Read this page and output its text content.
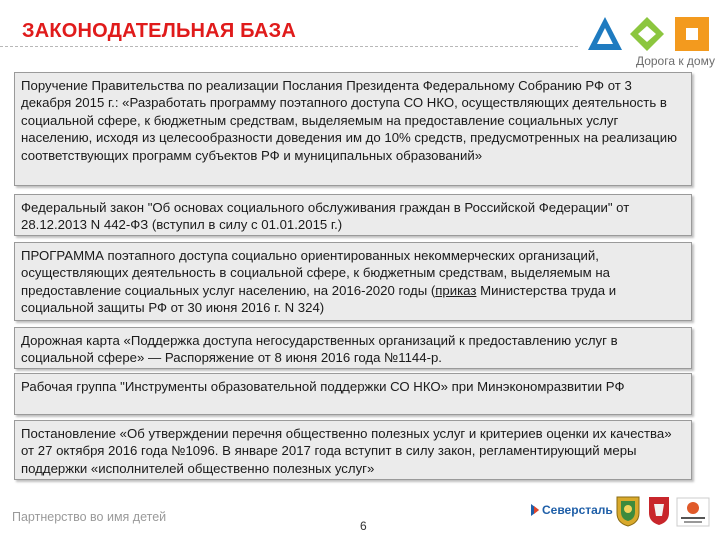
ЗАКОНОДАТЕЛЬНАЯ БАЗА
Дорога к дому
Поручение Правительства по реализации Послания Президента Федеральному Собранию РФ от 3 декабря 2015 г.: «Разработать программу поэтапного доступа СО НКО, осуществляющих деятельность в социальной сфере, к бюджетным средствам, выделяемым на предоставление социальных услуг населению, исходя из целесообразности доведения им до 10% средств, предусмотренных на реализацию соответствующих программ субъектов РФ и муниципальных образований»
Федеральный закон "Об основах социального обслуживания граждан в Российской Федерации" от 28.12.2013 N 442-ФЗ (вступил в силу с 01.01.2015 г.)
ПРОГРАММА поэтапного доступа социально ориентированных некоммерческих организаций, осуществляющих деятельность в социальной сфере, к бюджетным средствам, выделяемым на предоставление социальных услуг населению, на 2016-2020 годы (приказ Министерства труда и социальной защиты РФ от 30 июня 2016 г. N 324)
Дорожная карта «Поддержка доступа негосударственных организаций к предоставлению услуг в социальной сфере» — Распоряжение от 8 июня 2016 года №1144-р.
Рабочая группа "Инструменты образовательной поддержки СО НКО» при Минэкономразвитии РФ
Постановление «Об утверждении перечня общественно полезных услуг и критериев оценки их качества» от 27 октября 2016 года №1096. В январе 2017 года вступит в силу закон, регламентирующий меры поддержки «исполнителей общественно полезных услуг»
Партнерство во имя детей
6
Северсталь
